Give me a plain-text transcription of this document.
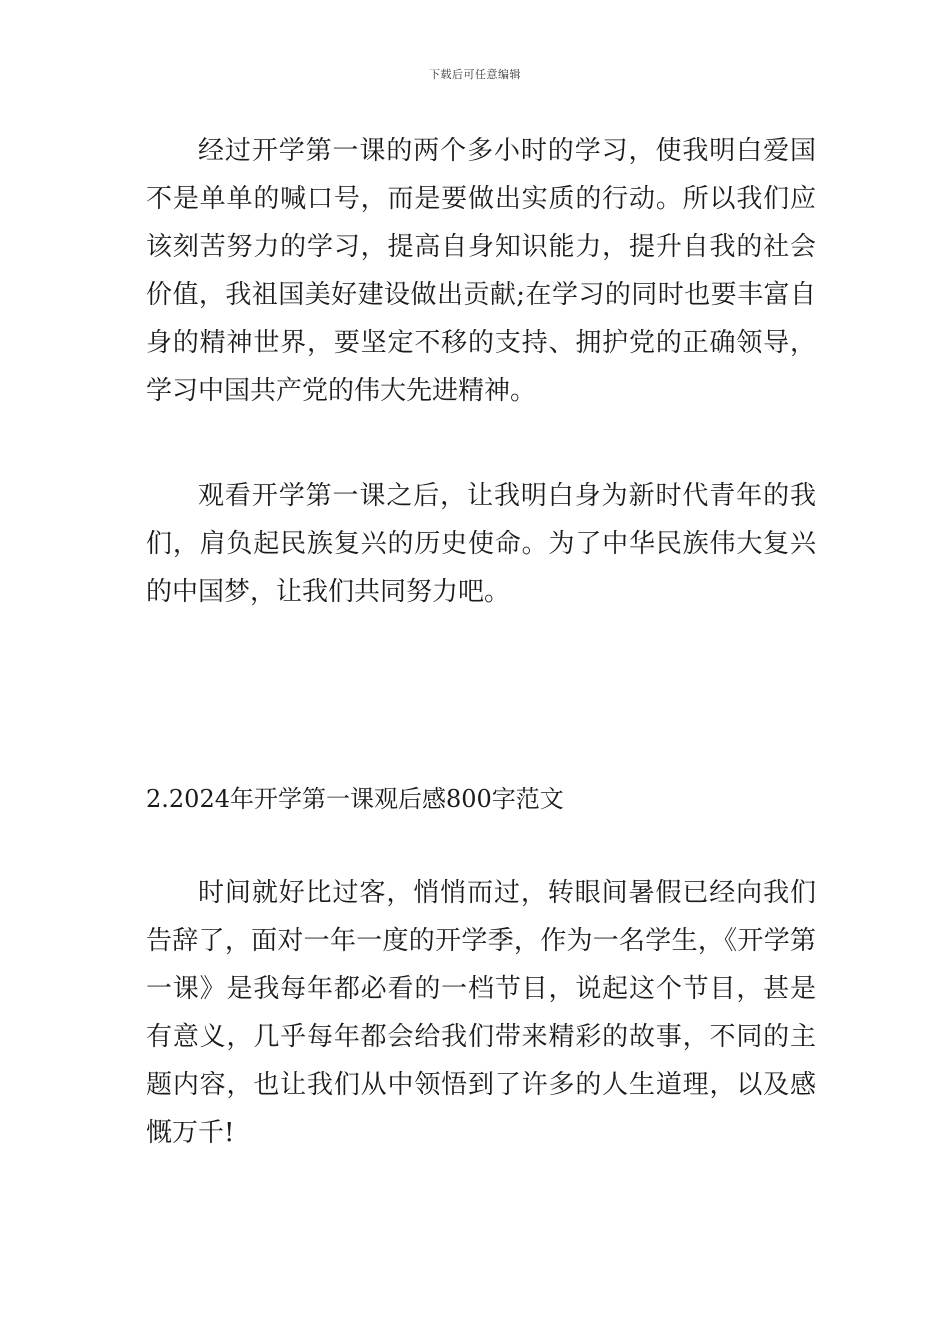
下载后可任意编辑

经过开学第一课的两个多小时的学习，使我明白爱国不是单单的喊口号，而是要做出实质的行动。所以我们应该刻苦努力的学习，提高自身知识能力，提升自我的社会价值，我祖国美好建设做出贡献;在学习的同时也要丰富自身的精神世界，要坚定不移的支持、拥护党的正确领导，学习中国共产党的伟大先进精神。

观看开学第一课之后，让我明白身为新时代青年的我们，肩负起民族复兴的历史使命。为了中华民族伟大复兴的中国梦，让我们共同努力吧。

2.2024年开学第一课观后感800字范文

时间就好比过客，悄悄而过，转眼间暑假已经向我们告辞了，面对一年一度的开学季，作为一名学生，《开学第一课》是我每年都必看的一档节目，说起这个节目，甚是有意义，几乎每年都会给我们带来精彩的故事，不同的主题内容，也让我们从中领悟到了许多的人生道理，以及感慨万千!
